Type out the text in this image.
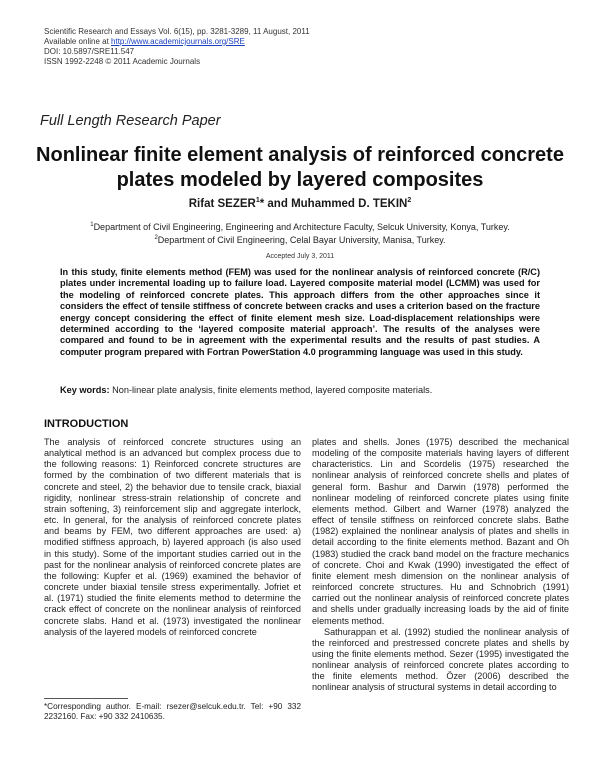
Scientific Research and Essays Vol. 6(15), pp. 3281-3289, 11 August, 2011
Available online at http://www.academicjournals.org/SRE
DOI: 10.5897/SRE11.547
ISSN 1992-2248 © 2011 Academic Journals
Full Length Research Paper
Nonlinear finite element analysis of reinforced concrete plates modeled by layered composites
Rifat SEZER$^1$* and Muhammed D. TEKIN$^2$
$^1$Department of Civil Engineering, Engineering and Architecture Faculty, Selcuk University, Konya, Turkey.
$^2$Department of Civil Engineering, Celal Bayar University, Manisa, Turkey.
Accepted July 3, 2011
In this study, finite elements method (FEM) was used for the nonlinear analysis of reinforced concrete (R/C) plates under incremental loading up to failure load. Layered composite material model (LCMM) was used for the modeling of reinforced concrete plates. This approach differs from the other approaches since it considers the effect of tensile stiffness of concrete between cracks and uses a criterion based on the fracture energy concept considering the effect of finite element mesh size. Load-displacement relationships were determined according to the ‘layered composite material approach’. The results of the analyses were compared and found to be in agreement with the experimental results and the results of past studies. A computer program prepared with Fortran PowerStation 4.0 programming language was used in this study.
Key words: Non-linear plate analysis, finite elements method, layered composite materials.
INTRODUCTION

The analysis of reinforced concrete structures using an analytical method is an advanced but complex process due to the following reasons: 1) Reinforced concrete structures are formed by the combination of two different materials that is concrete and steel, 2) the behavior due to tensile crack, biaxial rigidity, nonlinear stress-strain relationship of concrete and strain softening, 3) reinforcement slip and aggregate interlock, etc. In general, for the analysis of reinforced concrete plates and beams by FEM, two different approaches are used: a) modified stiffness approach, b) layered approach (is also used in this study). Some of the important studies carried out in the past for the nonlinear analysis of reinforced concrete plates are the following: Kupfer et al. (1969) examined the behavior of concrete under biaxial tensile stress experimentally. Jofriet et al. (1971) studied the finite elements method to determine the crack effect of concrete on the nonlinear analysis of reinforced concrete slabs. Hand et al. (1973) investigated the nonlinear analysis of the layered models of reinforced concrete

plates and shells. Jones (1975) described the mechanical modeling of the composite materials having layers of different characteristics. Lin and Scordelis (1975) researched the nonlinear analysis of reinforced concrete shells and plates of general form. Bashur and Darwin (1978) performed the nonlinear modeling of reinforced concrete plates using finite elements method. Gilbert and Warner (1978) analyzed the effect of tensile stiffness on reinforced concrete slabs. Bathe (1982) explained the nonlinear analysis of plates and shells in detail according to the finite elements method. Bazant and Oh (1983) studied the crack band model on the fracture mechanics of concrete. Choi and Kwak (1990) investigated the effect of finite element mesh dimension on the nonlinear analysis of reinforced concrete structures. Hu and Schnobrich (1991) carried out the nonlinear analysis of reinforced concrete plates and shells under gradually increasing loads by the aid of finite elements method.

Sathurappan et al. (1992) studied the nonlinear analysis of the reinforced and prestressed concrete plates and shells by using the finite elements method. Sezer (1995) investigated the nonlinear analysis of reinforced concrete plates according to the finite elements method. Özer (2006) described the nonlinear analysis of structural systems in detail according to

*Corresponding author. E-mail: rsezer@selcuk.edu.tr. Tel: +90 332 2232160. Fax: +90 332 2410635.
